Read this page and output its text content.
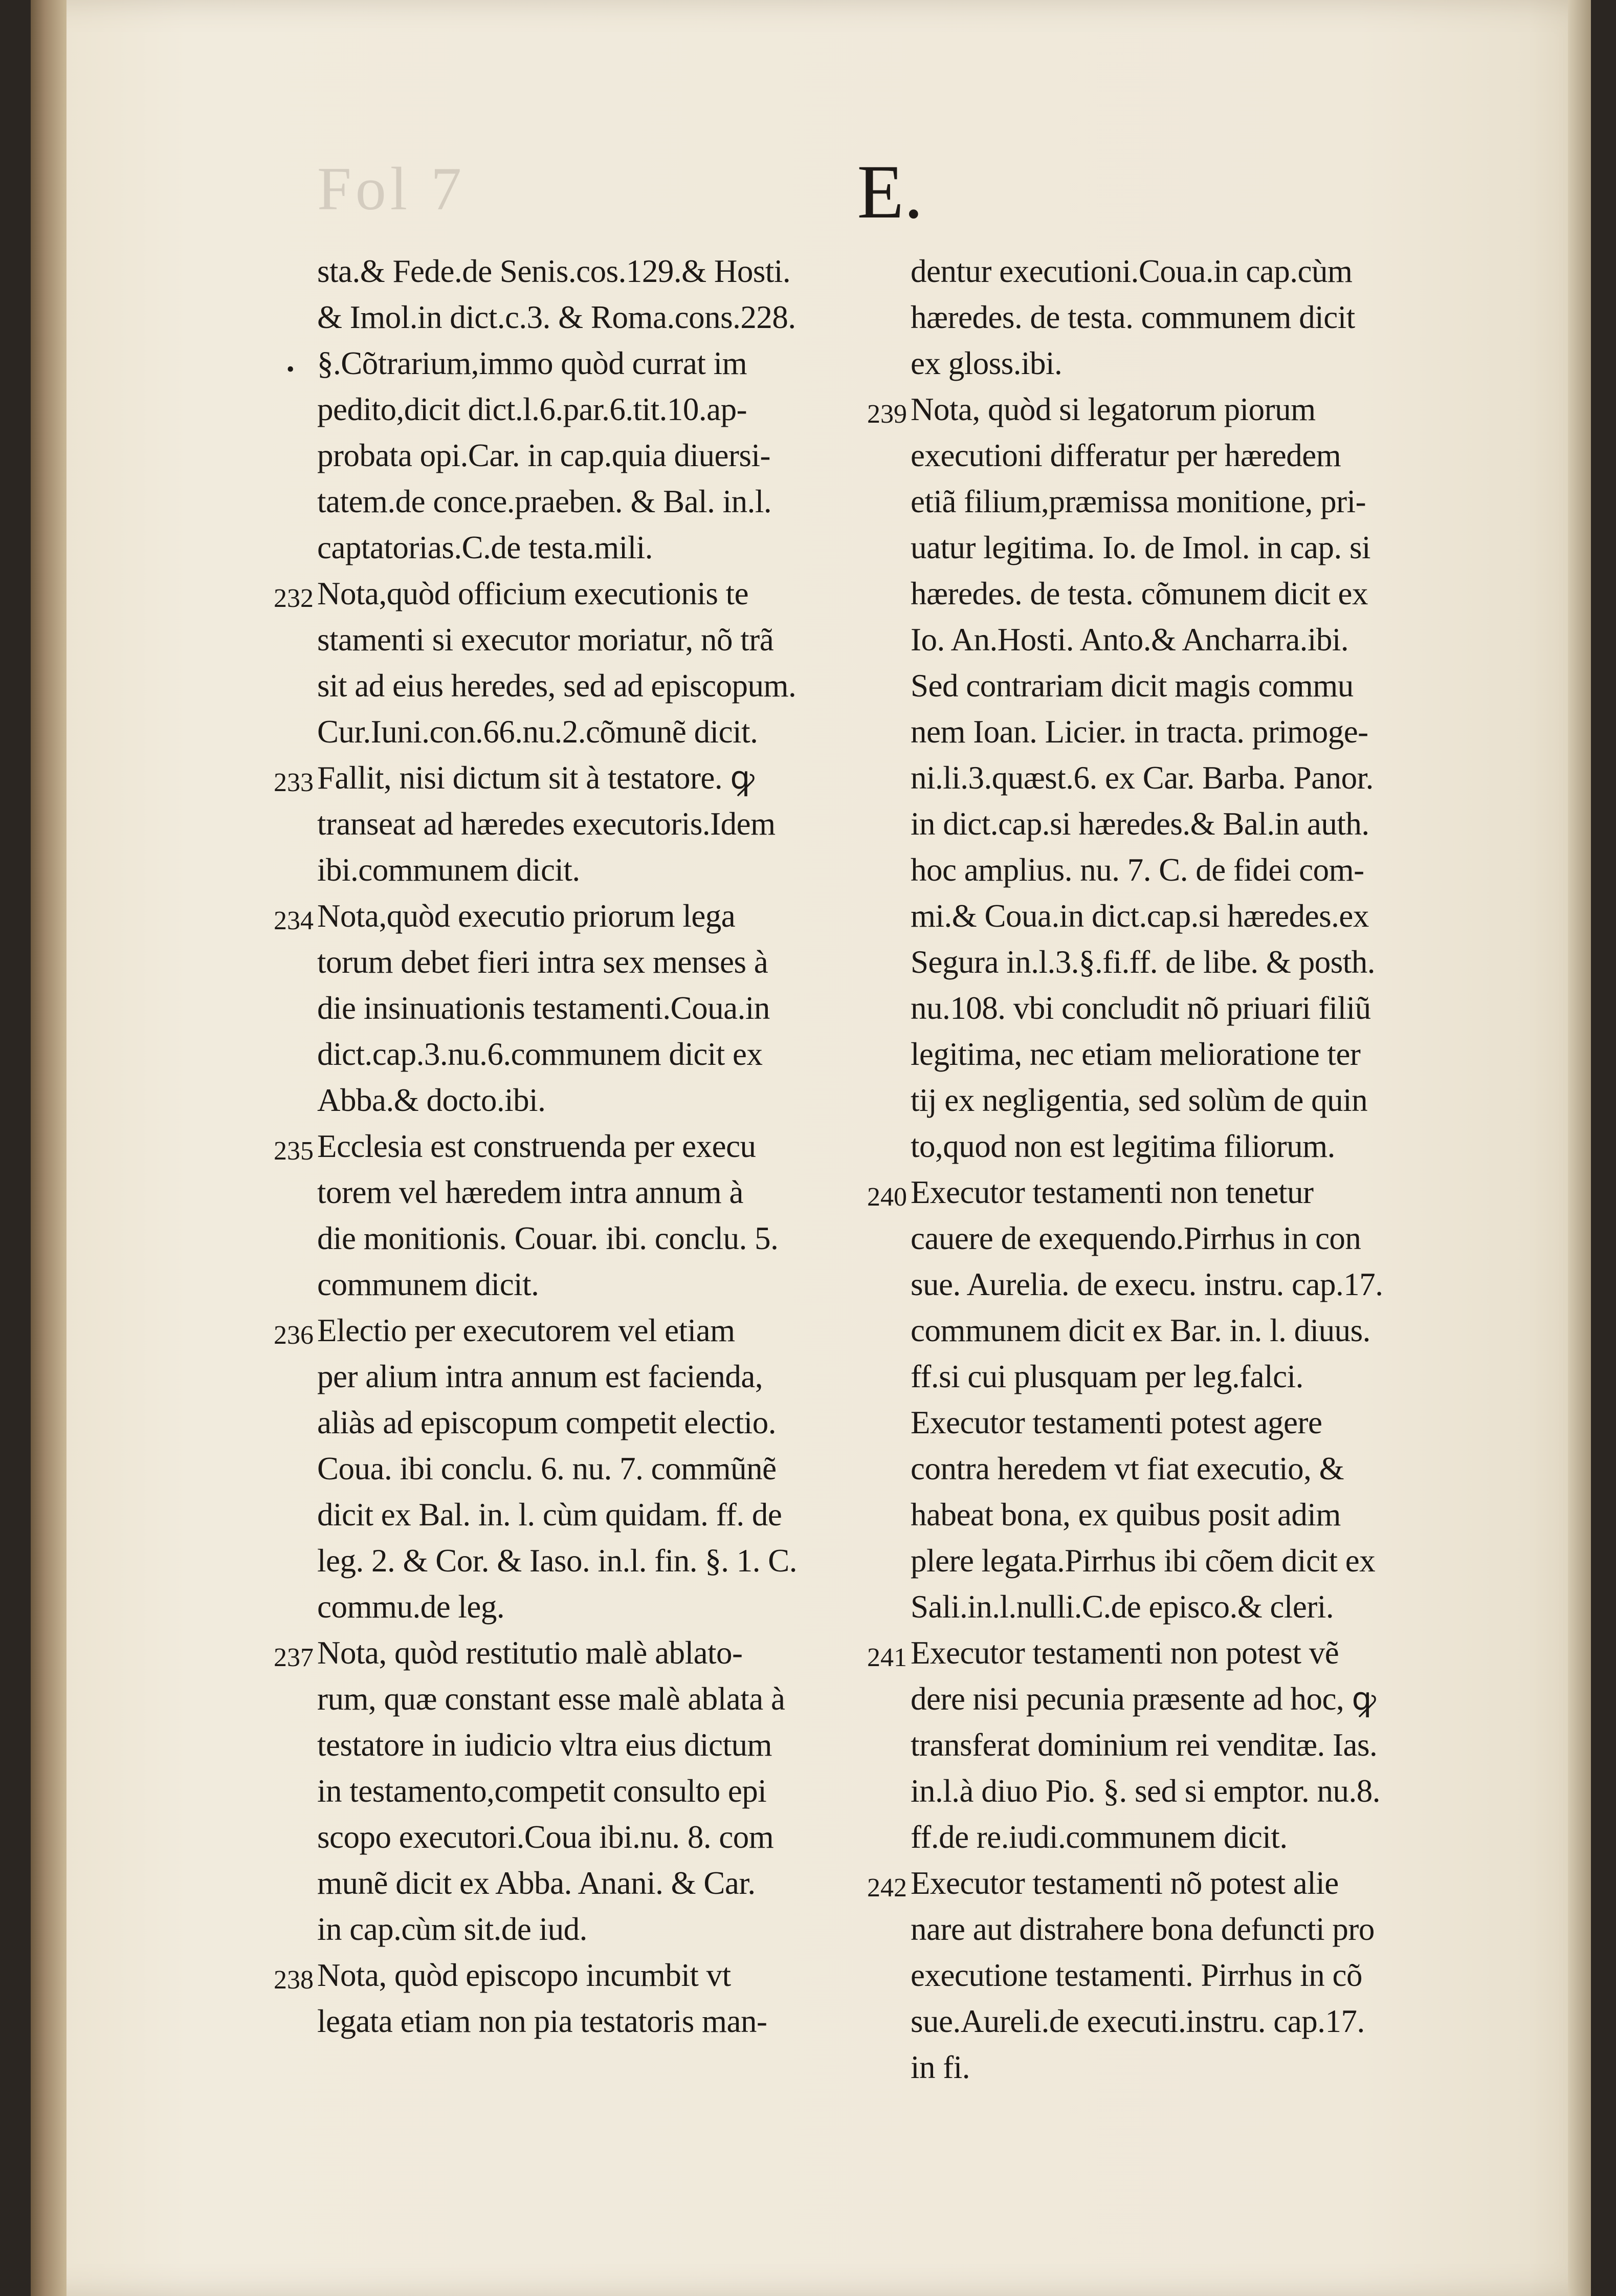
Fol 7	E.
sta.& Fede.de Senis.cos.129.& Hosti.
& Imol.in dict.c.3. & Roma.cons.228.
• §.Cõtrarium,immo quòd currat im
pedito,dicit dict.l.6.par.6.tit.10.ap-
probata opi.Car. in cap.quia diuersi-
tatem.de conce.praeben. & Bal. in.l.
captatorias.C.de testa.mili.
232 Nota,quòd officium executionis te
stamenti si executor moriatur, nõ trã
sit ad eius heredes, sed ad episcopum.
Cur.Iuni.con.66.nu.2.cõmunẽ dicit.
233 Fallit, nisi dictum sit à testatore. ꝙ
transeat ad hæredes executoris.Idem
ibi.communem dicit.
234 Nota,quòd executio priorum lega
torum debet fieri intra sex menses à
die insinuationis testamenti.Coua.in
dict.cap.3.nu.6.communem dicit ex
Abba.& docto.ibi.
235 Ecclesia est construenda per execu
torem vel hæredem intra annum à
die monitionis. Couar. ibi. conclu. 5.
communem dicit.
236 Electio per executorem vel etiam
per alium intra annum est facienda,
aliàs ad episcopum competit electio.
Coua. ibi conclu. 6. nu. 7. commũnẽ
dicit ex Bal. in. l. cùm quidam. ff. de
leg. 2. & Cor. & Iaso. in.l. fin. §. 1. C.
commu.de leg.
237 Nota, quòd restitutio malè ablato-
rum, quæ constant esse malè ablata à
testatore in iudicio vltra eius dictum
in testamento,competit consulto epi
scopo executori.Coua ibi.nu. 8. com
munẽ dicit ex Abba. Anani. & Car.
in cap.cùm sit.de iud.
238 Nota, quòd episcopo incumbit vt
legata etiam non pia testatoris man-
dentur executioni.Coua.in cap.cùm
hæredes. de testa. communem dicit
ex gloss.ibi.
239 Nota, quòd si legatorum piorum
executioni differatur per hæredem
etiã filium,præmissa monitione, pri-
uatur legitima. Io. de Imol. in cap. si
hæredes. de testa. cõmunem dicit ex
Io. An.Hosti. Anto.& Ancharra.ibi.
Sed contrariam dicit magis commu
nem Ioan. Licier. in tracta. primoge-
ni.li.3.quæst.6. ex Car. Barba. Panor.
in dict.cap.si hæredes.& Bal.in auth.
hoc amplius. nu. 7. C. de fidei com-
mi.& Coua.in dict.cap.si hæredes.ex
Segura in.l.3.§.fi.ff. de libe. & posth.
nu.108. vbi concludit nõ priuari filiũ
legitima, nec etiam melioratione ter
tij ex negligentia, sed solùm de quin
to,quod non est legitima filiorum.
240 Executor testamenti non tenetur
cauere de exequendo.Pirrhus in con
sue. Aurelia. de execu. instru. cap.17.
communem dicit ex Bar. in. l. diuus.
ff.si cui plusquam per leg.falci.
Executor testamenti potest agere
contra heredem vt fiat executio, &
habeat bona, ex quibus posit adim
plere legata.Pirrhus ibi cõem dicit ex
Sali.in.l.nulli.C.de episco.& cleri.
241 Executor testamenti non potest vẽ
dere nisi pecunia præsente ad hoc, ꝙ
transferat dominium rei venditæ. Ias.
in.l.à diuo Pio. §. sed si emptor. nu.8.
ff.de re.iudi.communem dicit.
242 Executor testamenti nõ potest alie
nare aut distrahere bona defuncti pro
executione testamenti. Pirrhus in cõ
sue.Aureli.de executi.instru. cap.17.
in fi.
